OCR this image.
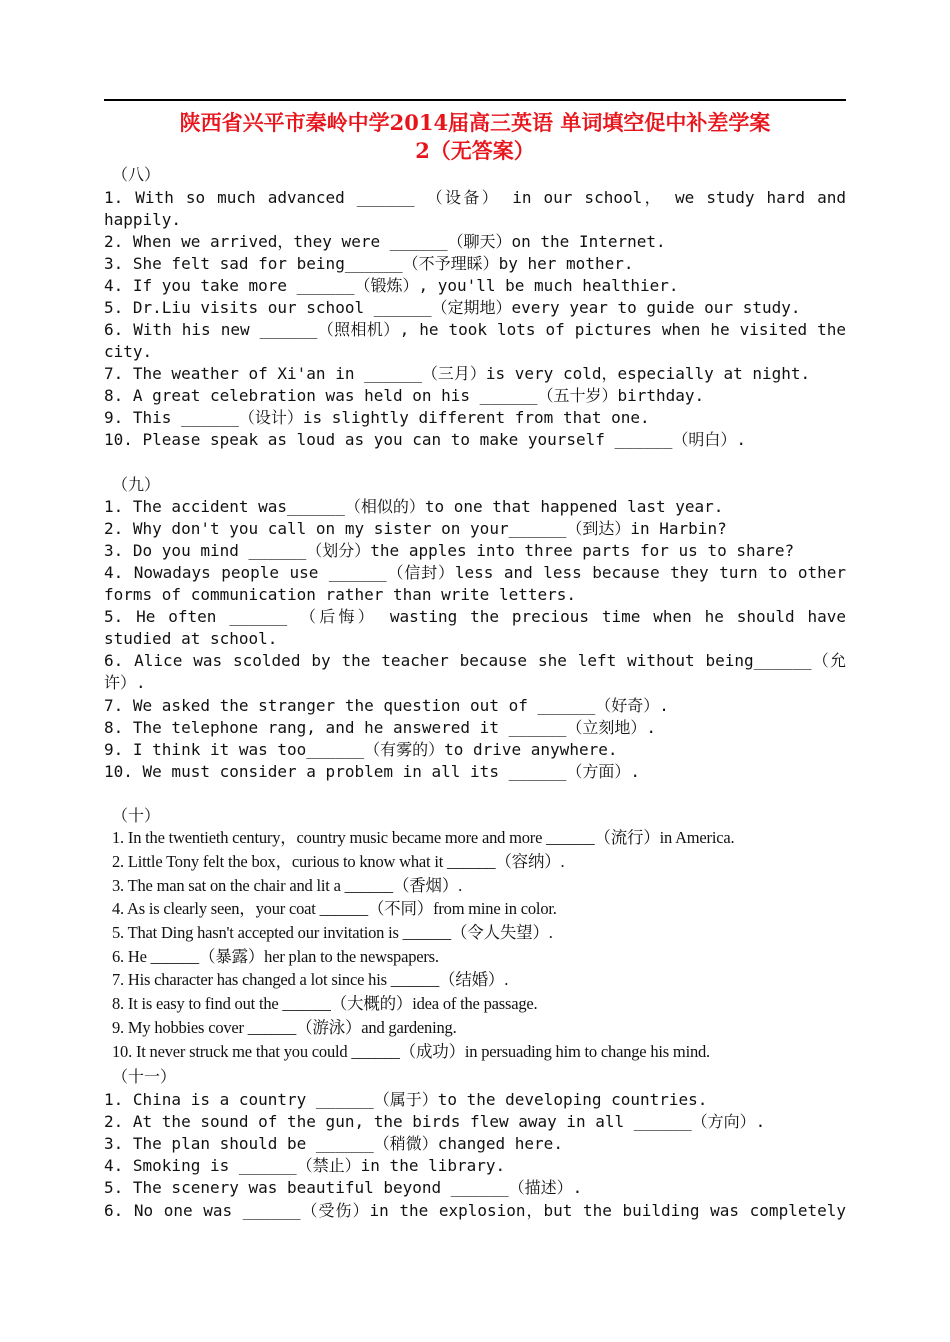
陕西省兴平市秦岭中学2014届高三英语 单词填空促中补差学案
2（无答案）
（八）
1. With so much advanced ______ （设备） in our school， we study hard and
happily.
2. When we arrived，they were ______（聊天）on the Internet.
3. She felt sad for being______（不予理睬）by her mother.
4. If you take more ______（锻炼）, you'll be much healthier.
5. Dr.Liu visits our school ______（定期地）every year to guide our study.
6. With his new ______（照相机）, he took lots of pictures when he visited the
city.
7. The weather of Xi'an in ______（三月）is very cold，especially at night.
8. A great celebration was held on his ______（五十岁）birthday.
9. This ______（设计）is slightly different from that one.
10. Please speak as loud as you can to make yourself ______（明白）.
（九）
1. The accident was______（相似的）to one that happened last year.
2. Why don't you call on my sister on your______（到达）in Harbin?
3. Do you mind ______（划分）the apples into three parts for us to share?
4. Nowadays people use ______（信封）less and less because they turn to other
forms of communication rather than write letters.
5. He often ______ （后悔） wasting the precious time when he should have
studied at school.
6. Alice was scolded by the teacher because she left without being______（允
许）.
7. We asked the stranger the question out of ______（好奇）.
8. The telephone rang, and he answered it ______（立刻地）.
9. I think it was too______（有雾的）to drive anywhere.
10. We must consider a problem in all its ______（方面）.
（十）
1. In the twentieth century，country music became more and more ______（流行）in America.
2. Little Tony felt the box，curious to know what it ______（容纳）.
3. The man sat on the chair and lit a ______（香烟）.
4. As is clearly seen，your coat ______（不同）from mine in color.
5. That Ding hasn't accepted our invitation is ______（令人失望）.
6. He ______（暴露）her plan to the newspapers.
7. His character has changed a lot since his ______（结婚）.
8. It is easy to find out the ______（大概的）idea of the passage.
9. My hobbies cover ______（游泳）and gardening.
10. It never struck me that you could ______（成功）in persuading him to change his mind.
（十一）
1. China is a country ______（属于）to the developing countries.
2. At the sound of the gun, the birds flew away in all ______（方向）.
3. The plan should be ______（稍微）changed here.
4. Smoking is ______（禁止）in the library.
5. The scenery was beautiful beyond ______（描述）.
6. No one was ______（受伤）in the explosion，but the building was completely
